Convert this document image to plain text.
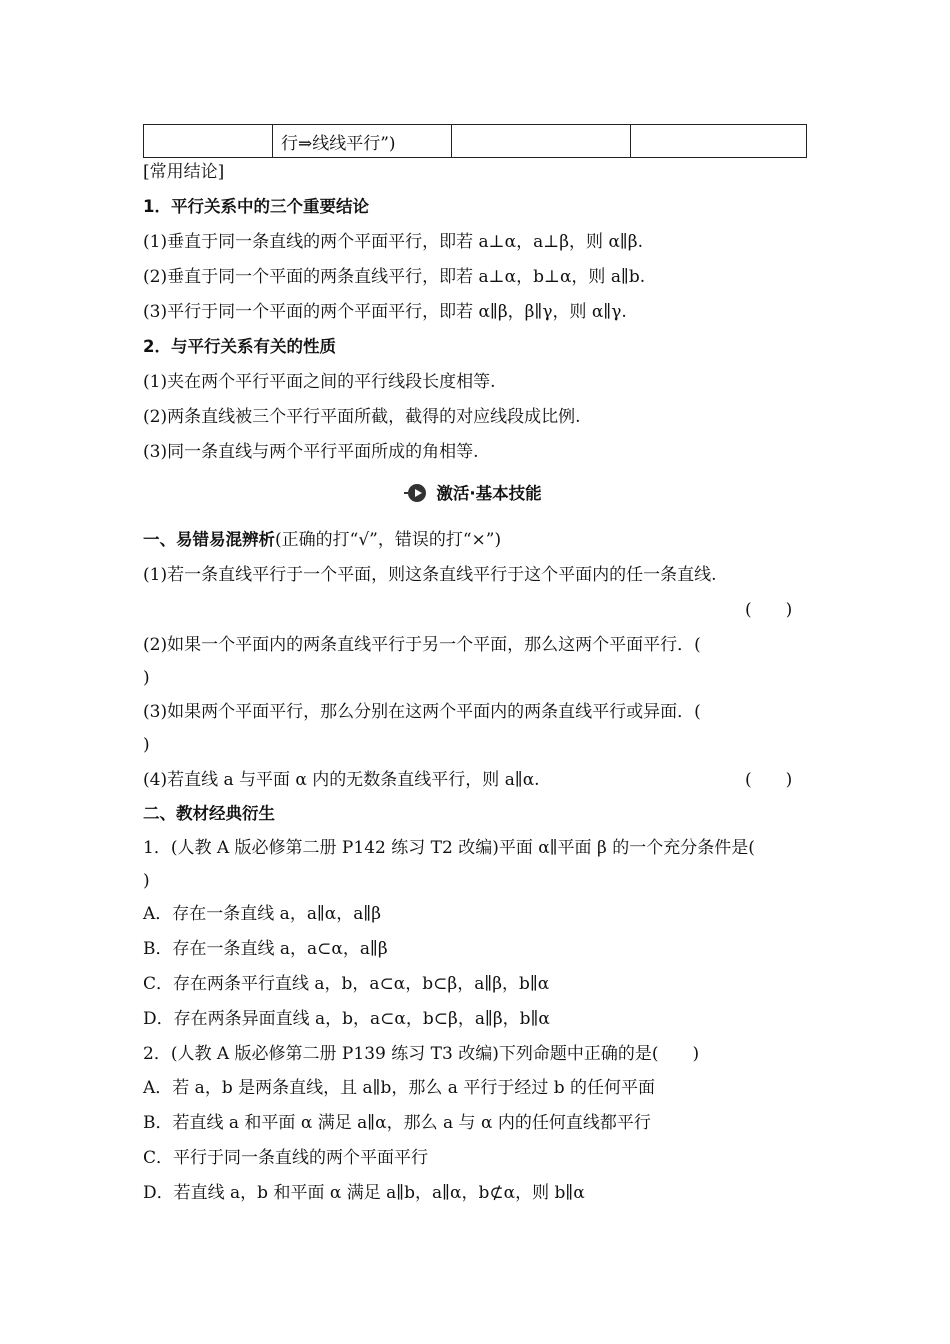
	行⇒线线平行”)		
[常用结论]
1．平行关系中的三个重要结论
(1)垂直于同一条直线的两个平面平行，即若 a⊥α，a⊥β，则 α∥β.
(2)垂直于同一个平面的两条直线平行，即若 a⊥α，b⊥α，则 a∥b.
(3)平行于同一个平面的两个平面平行，即若 α∥β，β∥γ，则 α∥γ.
2．与平行关系有关的性质
(1)夹在两个平行平面之间的平行线段长度相等.
(2)两条直线被三个平行平面所截，截得的对应线段成比例.
(3)同一条直线与两个平行平面所成的角相等.
激活·基本技能
一、易错易混辨析(正确的打“√”，错误的打“×”)
(1)若一条直线平行于一个平面，则这条直线平行于这个平面内的任一条直线.
(　　)
(2)如果一个平面内的两条直线平行于另一个平面，那么这两个平面平行．(
)
(3)如果两个平面平行，那么分别在这两个平面内的两条直线平行或异面．(
)
(4)若直线 a 与平面 α 内的无数条直线平行，则 a∥α.	(　　)
二、教材经典衍生
1．(人教 A 版必修第二册 P142 练习 T2 改编)平面 α∥平面 β 的一个充分条件是(
)
A．存在一条直线 a，a∥α，a∥β
B．存在一条直线 a，a⊂α，a∥β
C．存在两条平行直线 a，b，a⊂α，b⊂β，a∥β，b∥α
D．存在两条异面直线 a，b，a⊂α，b⊂β，a∥β，b∥α
2．(人教 A 版必修第二册 P139 练习 T3 改编)下列命题中正确的是(　　)
A．若 a，b 是两条直线，且 a∥b，那么 a 平行于经过 b 的任何平面
B．若直线 a 和平面 α 满足 a∥α，那么 a 与 α 内的任何直线都平行
C．平行于同一条直线的两个平面平行
D．若直线 a，b 和平面 α 满足 a∥b，a∥α，b⊄α，则 b∥α
